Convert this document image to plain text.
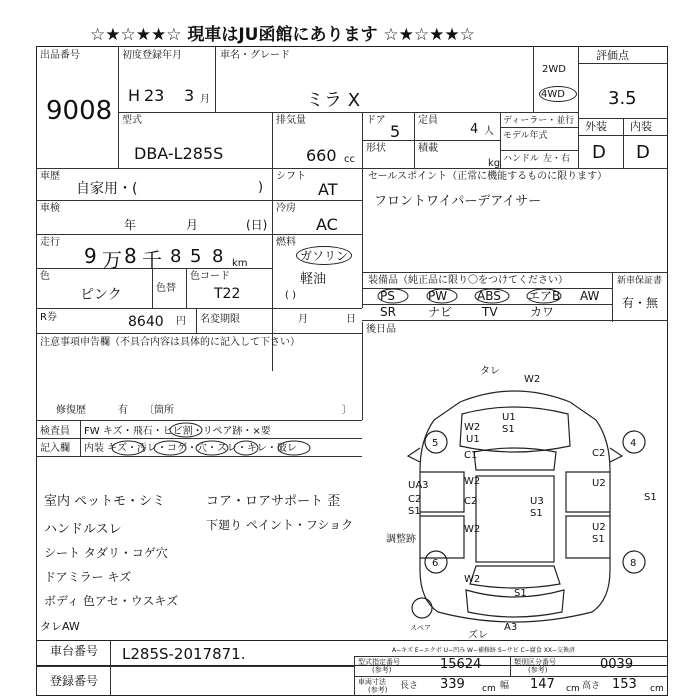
☆★☆★★☆ 現車はJU函館にあります ☆★☆★★☆
出品番号
9008
初度登録年月
H 23 3 月
車名・グレード
ミラ X
2WD
4WD
評価点
3.5
型式
DBA-L285S
排気量
660 cc
ドア
5
定員
4 人
形状	積載
kg
ディーラー・並行
モデル年式
ハンドル 左・右
外装 内装
D D
車歴
自家用・(	)
シフト
AT
セールスポイント（正常に機能するものに限ります）
フロントワイパーデアイサー
車検
年	月	(日)
冷房
AC
走行
9 万 8 千 8 5 8 km
燃料
ガソリン
軽油
( )
色
ピンク	色替
色コード
T22
装備品（純正品に限り〇をつけてください）	新車保証書
有・無
PS	PW ABS エアB AW
SR	ナビ TV	カワ
R券	8640 円 名変期限	月	日
後日品
注意事項申告欄（不具合内容は具体的に記入して下さい）
修復歴	有 〔箇所	〕
検査員 FW キズ・飛石・ヒビ割・リペア跡・×要
記入欄 内装 キズ・汚レ・コゲ・穴・スレ・キレ・破レ
室内 ペットモ・シミ
ハンドルスレ
シート タダリ・コゲ穴
ドアミラー キズ
ボディ 色アセ・ウスキズ
タレAW
コア・ロアサポート 歪
下廻り ペイント・フショク
5	4
6	8
スペア
タレ
W2
U1
S1
W2
U1
C1	C2
W2	U2
S1
UA3
C2
S1
C2	U3
S1
W2	U2
S1
調整跡
W2
S1
A3
ズレ
A−キズ E−エクボ U−凹み W−補修跡 S−サビ C−腐食 XX−交換済
車台番号 L285S-2017871.
登録番号
型式指定番号
(参考)	15624	類別区分番号
(参考)	0039
車両寸法
(参考) 長さ 339 cm 幅 147 cm 高さ 153 cm
